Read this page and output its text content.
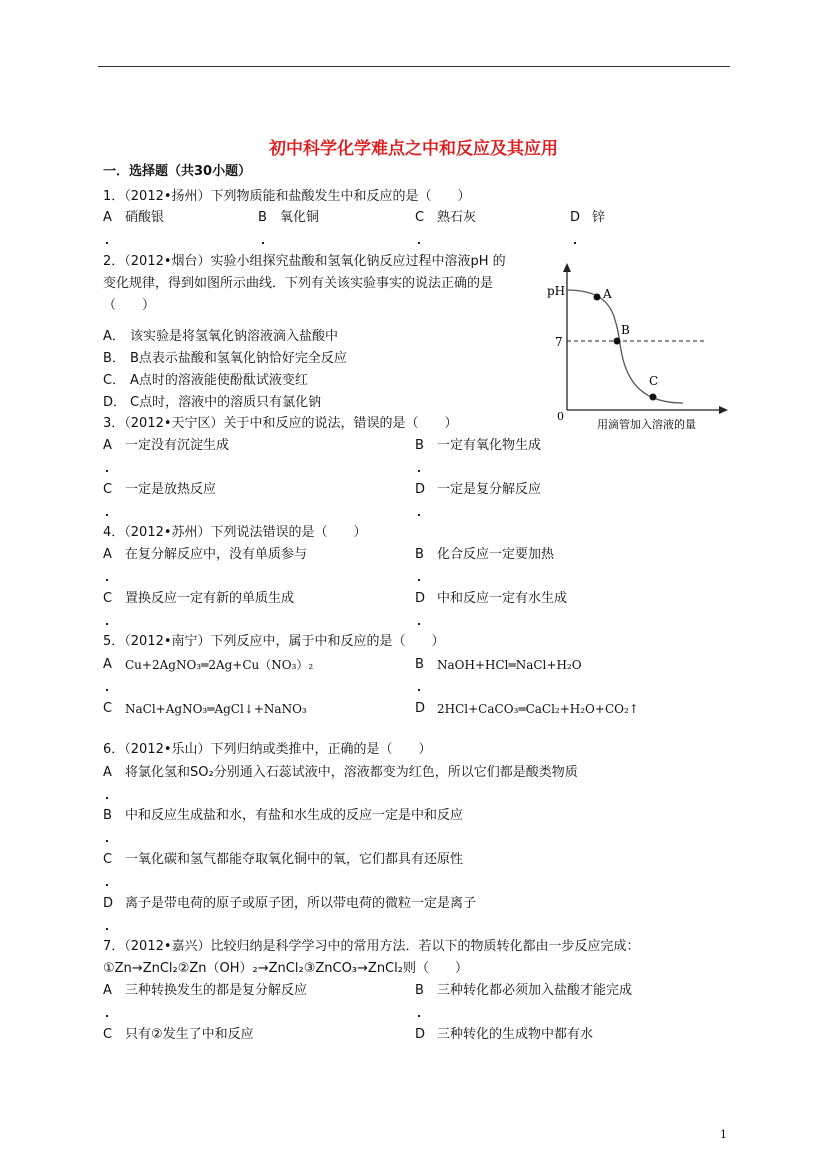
初中科学化学难点之中和反应及其应用
一．选择题（共30小题）
1．（2012•扬州）下列物质能和盐酸发生中和反应的是（　　）
A 硝酸银	B 氧化铜	C 熟石灰	D 锌
2．（2012•烟台）实验小组探究盐酸和氢氧化钠反应过程中溶液pH 的
变化规律，得到如图所示曲线．下列有关该实验事实的说法正确的是
（　　）
A． 该实验是将氢氧化钠溶液滴入盐酸中
B． B点表示盐酸和氢氧化钠恰好完全反应
C． A点时的溶液能使酚酞试液变红
D． C点时，溶液中的溶质只有氯化钠
pH
7
0
A
B
C
用滴管加入溶液的量
3．（2012•天宁区）关于中和反应的说法，错误的是（　　）
A 一定没有沉淀生成	B 一定有氧化物生成
C 一定是放热反应	D 一定是复分解反应
4．（2012•苏州）下列说法错误的是（　　）
A 在复分解反应中，没有单质参与	B 化合反应一定要加热
C 置换反应一定有新的单质生成	D 中和反应一定有水生成
5．（2012•南宁）下列反应中，属于中和反应的是（　　）
A Cu+2AgNO₃═2Ag+Cu（NO₃）₂	B NaOH+HCl═NaCl+H₂O
C NaCl+AgNO₃═AgCl↓+NaNO₃	D 2HCl+CaCO₃═CaCl₂+H₂O+CO₂↑
6．（2012•乐山）下列归纳或类推中，正确的是（　　）
A 将氯化氢和SO₂分别通入石蕊试液中，溶液都变为红色，所以它们都是酸类物质
B 中和反应生成盐和水，有盐和水生成的反应一定是中和反应
C 一氧化碳和氢气都能夺取氧化铜中的氧，它们都具有还原性
D 离子是带电荷的原子或原子团，所以带电荷的微粒一定是离子
7．（2012•嘉兴）比较归纳是科学学习中的常用方法．若以下的物质转化都由一步反应完成：
①Zn→ZnCl₂②Zn（OH）₂→ZnCl₂③ZnCO₃→ZnCl₂则（　　）
A 三种转换发生的都是复分解反应	B 三种转化都必须加入盐酸才能完成
C 只有②发生了中和反应	D 三种转化的生成物中都有水
1
